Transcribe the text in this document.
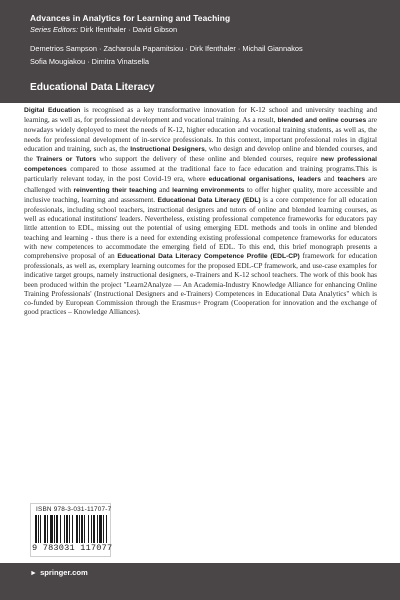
Advances in Analytics for Learning and Teaching
Series Editors: Dirk Ifenthaler · David Gibson
Demetrios Sampson · Zacharoula Papamitsiou · Dirk Ifenthaler · Michail Giannakos
Sofia Mougiakou · Dimitra Vinatsella
Educational Data Literacy

Digital Education is recognised as a key transformative innovation for K-12 school and university teaching and learning, as well as, for professional development and vocational training. As a result, blended and online courses are nowadays widely deployed to meet the needs of K-12, higher education and vocational training students, as well as, the needs for professional development of in-service professionals. In this context, important professional roles in digital education and training, such as, the Instructional Designers, who design and develop online and blended courses, and the Trainers or Tutors who support the delivery of these online and blended courses, require new professional competences compared to those assumed at the traditional face to face education and training programs.This is particularly relevant today, in the post Covid-19 era, where educational organisations, leaders and teachers are challenged with reinventing their teaching and learning environments to offer higher quality, more accessible and inclusive teaching, learning and assessment. Educational Data Literacy (EDL) is a core competence for all education professionals, including school teachers, instructional designers and tutors of online and blended learning courses, as well as educational institutions' leaders. Nevertheless, existing professional competence frameworks for educators pay little attention to EDL, missing out the potential of using emerging EDL methods and tools in online and blended teaching and learning - thus there is a need for extending existing professional competence frameworks for educators with new competences to accommodate the emerging field of EDL. To this end, this brief monograph presents a comprehensive proposal of an Educational Data Literacy Competence Profile (EDL-CP) framework for education professionals, as well as, exemplary learning outcomes for the proposed EDL-CP framework, and use-case examples for indicative target groups, namely instructional designers, e-Trainers and K-12 school teachers. The work of this book has been produced within the project "Learn2Analyze — An Academia-Industry Knowledge Alliance for enhancing Online Training Professionals' (Instructional Designers and e-Trainers) Competences in Educational Data Analytics" which is co-funded by European Commission through the Erasmus+ Program (Cooperation for innovation and the exchange of good practices – Knowledge Alliances).

ISBN 978-3-031-11707-7
9 783031 117077
► springer.com
